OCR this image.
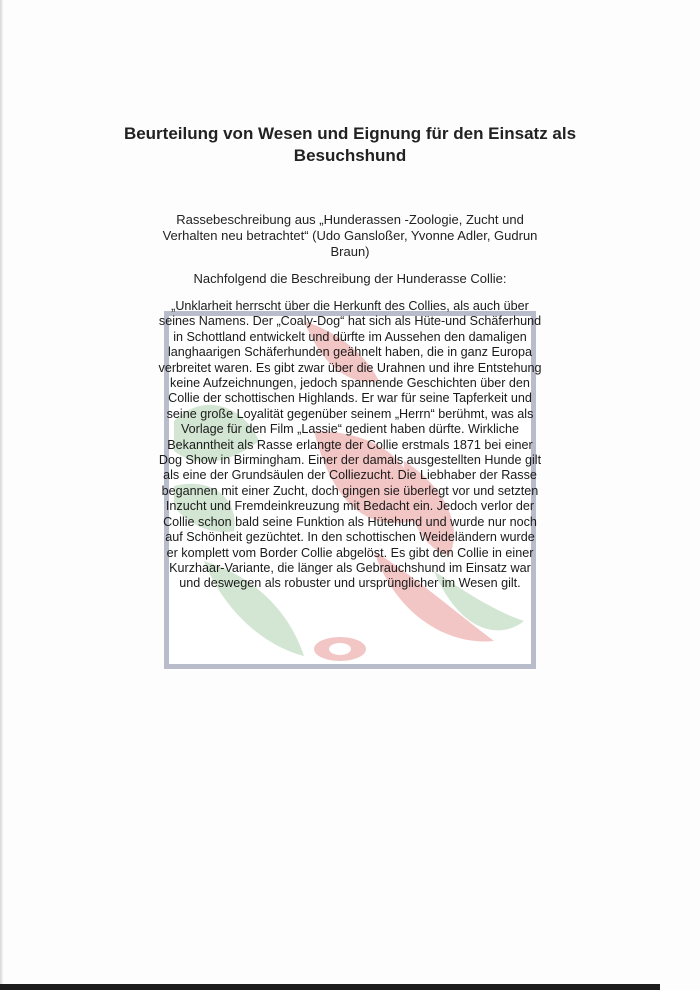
Beurteilung von Wesen und Eignung für den Einsatz als Besuchshund

Rassebeschreibung aus „Hunderassen -Zoologie, Zucht und Verhalten neu betrachtet“ (Udo Gansloßer, Yvonne Adler, Gudrun Braun)

Nachfolgend die Beschreibung der Hunderasse Collie:

„Unklarheit herrscht über die Herkunft des Collies, als auch über seines Namens. Der „Coaly-Dog“ hat sich als Hüte-und Schäferhund in Schottland entwickelt und dürfte im Aussehen den damaligen langhaarigen Schäferhunden geähnelt haben, die in ganz Europa verbreitet waren. Es gibt zwar über die Urahnen und ihre Entstehung keine Aufzeichnungen, jedoch spannende Geschichten über den Collie der schottischen Highlands. Er war für seine Tapferkeit und seine große Loyalität gegenüber seinem „Herrn“ berühmt, was als Vorlage für den Film „Lassie“ gedient haben dürfte. Wirkliche Bekanntheit als Rasse erlangte der Collie erstmals 1871 bei einer Dog Show in Birmingham. Einer der damals ausgestellten Hunde gilt als eine der Grundsäulen der Colliezucht. Die Liebhaber der Rasse begannen mit einer Zucht, doch gingen sie überlegt vor und setzten Inzucht und Fremdeinkreuzung mit Bedacht ein. Jedoch verlor der Collie schon bald seine Funktion als Hütehund und wurde nur noch auf Schönheit gezüchtet. In den schottischen Weideländern wurde er komplett vom Border Collie abgelöst. Es gibt den Collie in einer Kurzhaar-Variante, die länger als Gebrauchshund im Einsatz war und deswegen als robuster und ursprünglicher im Wesen gilt.
